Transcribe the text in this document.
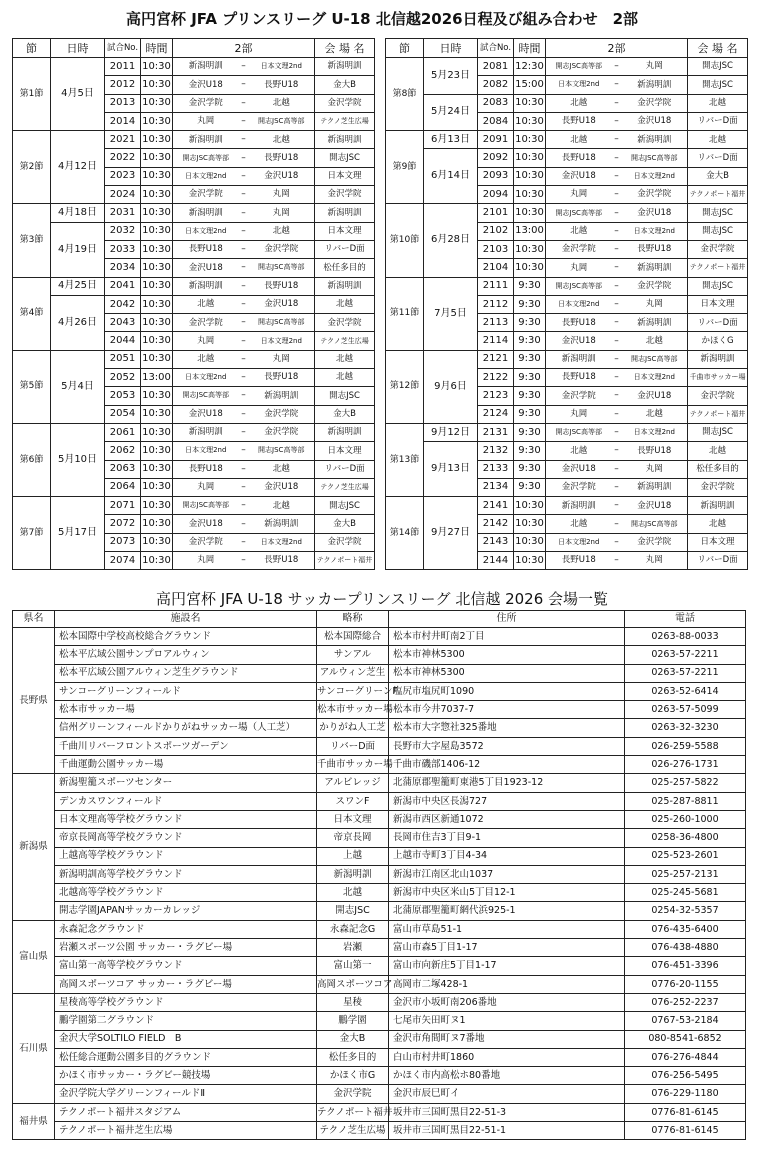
高円宮杯 JFA プリンスリーグ U-18 北信越2026日程及び組み合わせ　2部
節	日時	試合No.	時間	2部			会 場 名
第1節	4月5日	2011	10:30	新潟明訓	–	日本文理2nd	新潟明訓
		2012	10:30	金沢U18	–	長野U18	金大B
		2013	10:30	金沢学院	–	北越	金沢学院
		2014	10:30	丸岡	–	開志JSC高等部	テクノ芝生広場
第2節	4月12日	2021	10:30	新潟明訓	–	北越	新潟明訓
		2022	10:30	開志JSC高等部	–	長野U18	開志JSC
		2023	10:30	日本文理2nd	–	金沢U18	日本文理
		2024	10:30	金沢学院	–	丸岡	金沢学院
第3節	4月18日	2031	10:30	新潟明訓	–	丸岡	新潟明訓
	4月19日	2032	10:30	日本文理2nd	–	北越	日本文理
		2033	10:30	長野U18	–	金沢学院	リバーD面
		2034	10:30	金沢U18	–	開志JSC高等部	松任多目的
第4節	4月25日	2041	10:30	新潟明訓	–	長野U18	新潟明訓
	4月26日	2042	10:30	北越	–	金沢U18	北越
		2043	10:30	金沢学院	–	開志JSC高等部	金沢学院
		2044	10:30	丸岡	–	日本文理2nd	テクノ芝生広場
第5節	5月4日	2051	10:30	北越	–	丸岡	北越
		2052	13:00	日本文理2nd	–	長野U18	北越
		2053	10:30	開志JSC高等部	–	新潟明訓	開志JSC
		2054	10:30	金沢U18	–	金沢学院	金大B
第6節	5月10日	2061	10:30	新潟明訓	–	金沢学院	新潟明訓
		2062	10:30	日本文理2nd	–	開志JSC高等部	日本文理
		2063	10:30	長野U18	–	北越	リバーD面
		2064	10:30	丸岡	–	金沢U18	テクノ芝生広場
第7節	5月17日	2071	10:30	開志JSC高等部	–	北越	開志JSC
		2072	10:30	金沢U18	–	新潟明訓	金大B
		2073	10:30	金沢学院	–	日本文理2nd	金沢学院
		2074	10:30	丸岡	–	長野U18	テクノポート福井
節	日時	試合No.	時間	2部			会 場 名
第8節	5月23日	2081	12:30	開志JSC高等部	–	丸岡	開志JSC
		2082	15:00	日本文理2nd	–	新潟明訓	開志JSC
	5月24日	2083	10:30	北越	–	金沢学院	北越
		2084	10:30	長野U18	–	金沢U18	リバーD面
第9節	6月13日	2091	10:30	北越	–	新潟明訓	北越
	6月14日	2092	10:30	長野U18	–	開志JSC高等部	リバーD面
		2093	10:30	金沢U18	–	日本文理2nd	金大B
		2094	10:30	丸岡	–	金沢学院	テクノポート福井
第10節	6月28日	2101	10:30	開志JSC高等部	–	金沢U18	開志JSC
		2102	13:00	北越	–	日本文理2nd	開志JSC
		2103	10:30	金沢学院	–	長野U18	金沢学院
		2104	10:30	丸岡	–	新潟明訓	テクノポート福井
第11節	7月5日	2111	9:30	開志JSC高等部	–	金沢学院	開志JSC
		2112	9:30	日本文理2nd	–	丸岡	日本文理
		2113	9:30	長野U18	–	新潟明訓	リバーD面
		2114	9:30	金沢U18	–	北越	かほくG
第12節	9月6日	2121	9:30	新潟明訓	–	開志JSC高等部	新潟明訓
		2122	9:30	長野U18	–	日本文理2nd	千曲市サッカー場
		2123	9:30	金沢学院	–	金沢U18	金沢学院
		2124	9:30	丸岡	–	北越	テクノポート福井
第13節	9月12日	2131	9:30	開志JSC高等部	–	日本文理2nd	開志JSC
	9月13日	2132	9:30	北越	–	長野U18	北越
		2133	9:30	金沢U18	–	丸岡	松任多目的
		2134	9:30	金沢学院	–	新潟明訓	金沢学院
第14節	9月27日	2141	10:30	新潟明訓	–	金沢U18	新潟明訓
		2142	10:30	北越	–	開志JSC高等部	北越
		2143	10:30	日本文理2nd	–	金沢学院	日本文理
		2144	10:30	長野U18	–	丸岡	リバーD面
高円宮杯 JFA U-18 サッカープリンスリーグ 北信越 2026 会場一覧
県名	施設名	略称	住所	電話
長野県	松本国際中学校高校総合グラウンド	松本国際総合	松本市村井町南2丁目	0263-88-0033
	松本平広域公園サンプロアルウィン	サンアル	松本市神林5300	0263-57-2211
	松本平広域公園アルウィン芝生グラウンド	アルウィン芝生	松本市神林5300	0263-57-2211
	サンコーグリーンフィールド	サンコーグリーンF	塩尻市塩尻町1090	0263-52-6414
	松本市サッカー場	松本市サッカー場	松本市今井7037-7	0263-57-5099
	信州グリーンフィールドかりがねサッカー場（人工芝）	かりがね人工芝	松本市大字惣社325番地	0263-32-3230
	千曲川リバーフロントスポーツガーデン	リバーD面	長野市大字屋島3572	026-259-5588
	千曲運動公園サッカー場	千曲市サッカー場	千曲市磯部1406-12	026-276-1731
新潟県	新潟聖籠スポーツセンター	アルビレッジ	北蒲原郡聖籠町東港5丁目1923-12	025-257-5822
	デンカスワンフィールド	スワンF	新潟市中央区長潟727	025-287-8811
	日本文理高等学校グラウンド	日本文理	新潟市西区新通1072	025-260-1000
	帝京長岡高等学校グラウンド	帝京長岡	長岡市住吉3丁目9-1	0258-36-4800
	上越高等学校グラウンド	上越	上越市寺町3丁目4-34	025-523-2601
	新潟明訓高等学校グラウンド	新潟明訓	新潟市江南区北山1037	025-257-2131
	北越高等学校グラウンド	北越	新潟市中央区米山5丁目12-1	025-245-5681
	開志学園JAPANサッカーカレッジ	開志JSC	北蒲原郡聖籠町網代浜925-1	0254-32-5357
富山県	永森記念グラウンド	永森記念G	富山市草島51-1	076-435-6400
	岩瀬スポーツ公園 サッカー・ラグビー場	岩瀬	富山市森5丁目1-17	076-438-4880
	富山第一高等学校グラウンド	富山第一	富山市向新庄5丁目1-17	076-451-3396
	高岡スポーツコア サッカー・ラグビー場	高岡スポーツコア	高岡市二塚428-1	0776-20-1155
石川県	星稜高等学校グラウンド	星稜	金沢市小坂町南206番地	076-252-2237
	鵬学園第二グラウンド	鵬学園	七尾市矢田町ヌ1	0767-53-2184
	金沢大学SOLTILO FIELD　B	金大B	金沢市角間町ヌ7番地	080-8541-6852
	松任総合運動公園多目的グラウンド	松任多目的	白山市村井町1860	076-276-4844
	かほく市サッカー・ラグビー競技場	かほく市G	かほく市内高松ホ80番地	076-256-5495
	金沢学院大学グリーンフィールドⅡ	金沢学院	金沢市辰巳町イ	076-229-1180
福井県	テクノポート福井スタジアム	テクノポート福井	坂井市三国町黒目22-51-3	0776-81-6145
	テクノポート福井芝生広場	テクノ芝生広場	坂井市三国町黒目22-51-1	0776-81-6145
